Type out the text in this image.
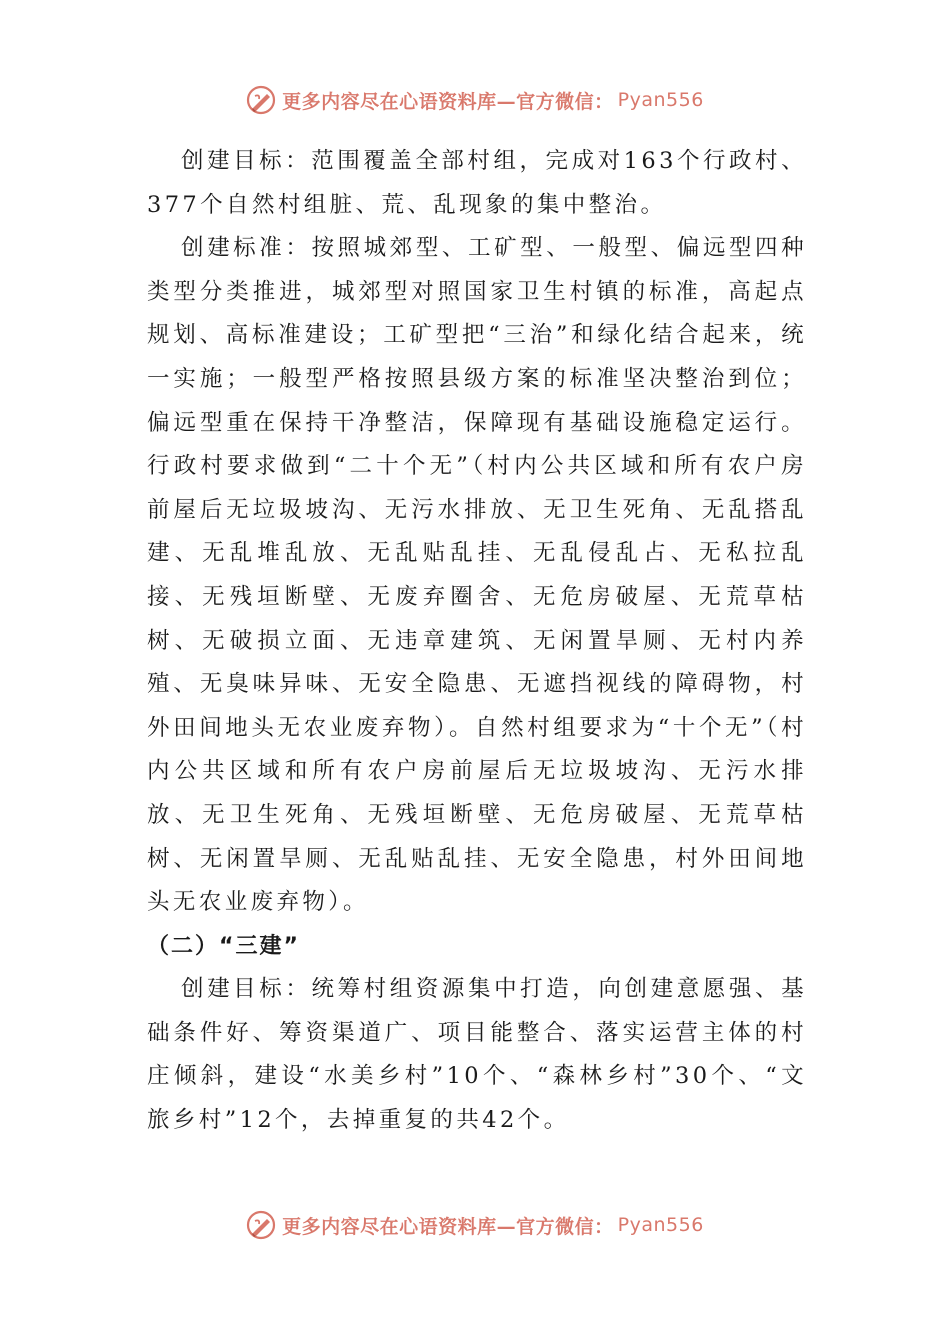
更多内容尽在心语资料库—官方微信： Pyan556

创建目标：范围覆盖全部村组，完成对163个行政村、377个自然村组脏、荒、乱现象的集中整治。

创建标准：按照城郊型、工矿型、一般型、偏远型四种类型分类推进，城郊型对照国家卫生村镇的标准，高起点规划、高标准建设；工矿型把“三治”和绿化结合起来，统一实施；一般型严格按照县级方案的标准坚决整治到位；偏远型重在保持干净整洁，保障现有基础设施稳定运行。行政村要求做到“二十个无”（村内公共区域和所有农户房前屋后无垃圾坡沟、无污水排放、无卫生死角、无乱搭乱建、无乱堆乱放、无乱贴乱挂、无乱侵乱占、无私拉乱接、无残垣断壁、无废弃圈舍、无危房破屋、无荒草枯树、无破损立面、无违章建筑、无闲置旱厕、无村内养殖、无臭味异味、无安全隐患、无遮挡视线的障碍物，村外田间地头无农业废弃物）。自然村组要求为“十个无”（村内公共区域和所有农户房前屋后无垃圾坡沟、无污水排放、无卫生死角、无残垣断壁、无危房破屋、无荒草枯树、无闲置旱厕、无乱贴乱挂、无安全隐患，村外田间地头无农业废弃物）。

（二）“三建”

创建目标：统筹村组资源集中打造，向创建意愿强、基础条件好、筹资渠道广、项目能整合、落实运营主体的村庄倾斜，建设“水美乡村”10个、“森林乡村”30个、“文旅乡村”12个，去掉重复的共42个。

更多内容尽在心语资料库—官方微信： Pyan556
